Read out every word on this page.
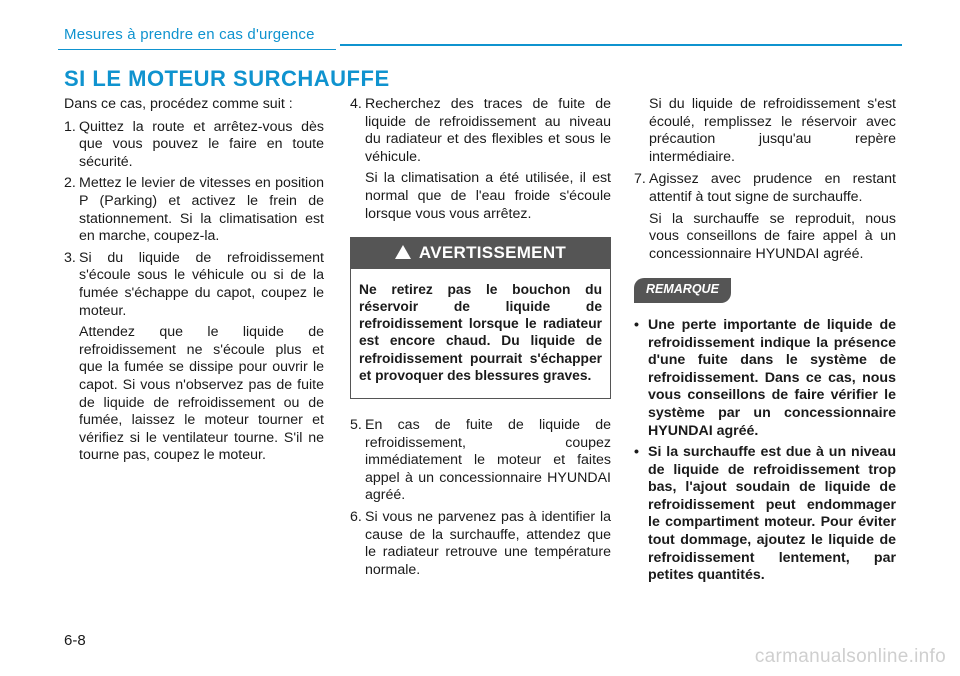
Mesures à prendre en cas d'urgence
SI LE MOTEUR SURCHAUFFE

Dans ce cas, procédez comme suit :

1. Quittez la route et arrêtez-vous dès que vous pouvez le faire en toute sécurité.
2. Mettez le levier de vitesses en position P (Parking) et activez le frein de stationnement. Si la climatisation est en marche, coupez-la.
3. Si du liquide de refroidissement s'écoule sous le véhicule ou si de la fumée s'échappe du capot, coupez le moteur.

Attendez que le liquide de refroidissement ne s'écoule plus et que la fumée se dissipe pour ouvrir le capot. Si vous n'observez pas de fuite de liquide de refroidissement ou de fumée, laissez le moteur tourner et vérifiez si le ventilateur tourne. S'il ne tourne pas, coupez le moteur.

4. Recherchez des traces de fuite de liquide de refroidissement au niveau du radiateur et des flexibles et sous le véhicule.

Si la climatisation a été utilisée, il est normal que de l'eau froide s'écoule lorsque vous vous arrêtez.

AVERTISSEMENT
Ne retirez pas le bouchon du réservoir de liquide de refroidissement lorsque le radiateur est encore chaud. Du liquide de refroidissement pourrait s'échapper et provoquer des blessures graves.
5. En cas de fuite de liquide de refroidissement, coupez immédiatement le moteur et faites appel à un concessionnaire HYUNDAI agréé.
6. Si vous ne parvenez pas à identifier la cause de la surchauffe, attendez que le radiateur retrouve une température normale.

Si du liquide de refroidissement s'est écoulé, remplissez le réservoir avec précaution jusqu'au repère intermédiaire.

7. Agissez avec prudence en restant attentif à tout signe de surchauffe.

Si la surchauffe se reproduit, nous vous conseillons de faire appel à un concessionnaire HYUNDAI agréé.

REMARQUE
• Une perte importante de liquide de refroidissement indique la présence d'une fuite dans le système de refroidissement. Dans ce cas, nous vous conseillons de faire vérifier le système par un concessionnaire HYUNDAI agréé.
• Si la surchauffe est due à un niveau de liquide de refroidissement trop bas, l'ajout soudain de liquide de refroidissement peut endommager le compartiment moteur. Pour éviter tout dommage, ajoutez le liquide de refroidissement lentement, par petites quantités.
6-8
carmanualsonline.info
